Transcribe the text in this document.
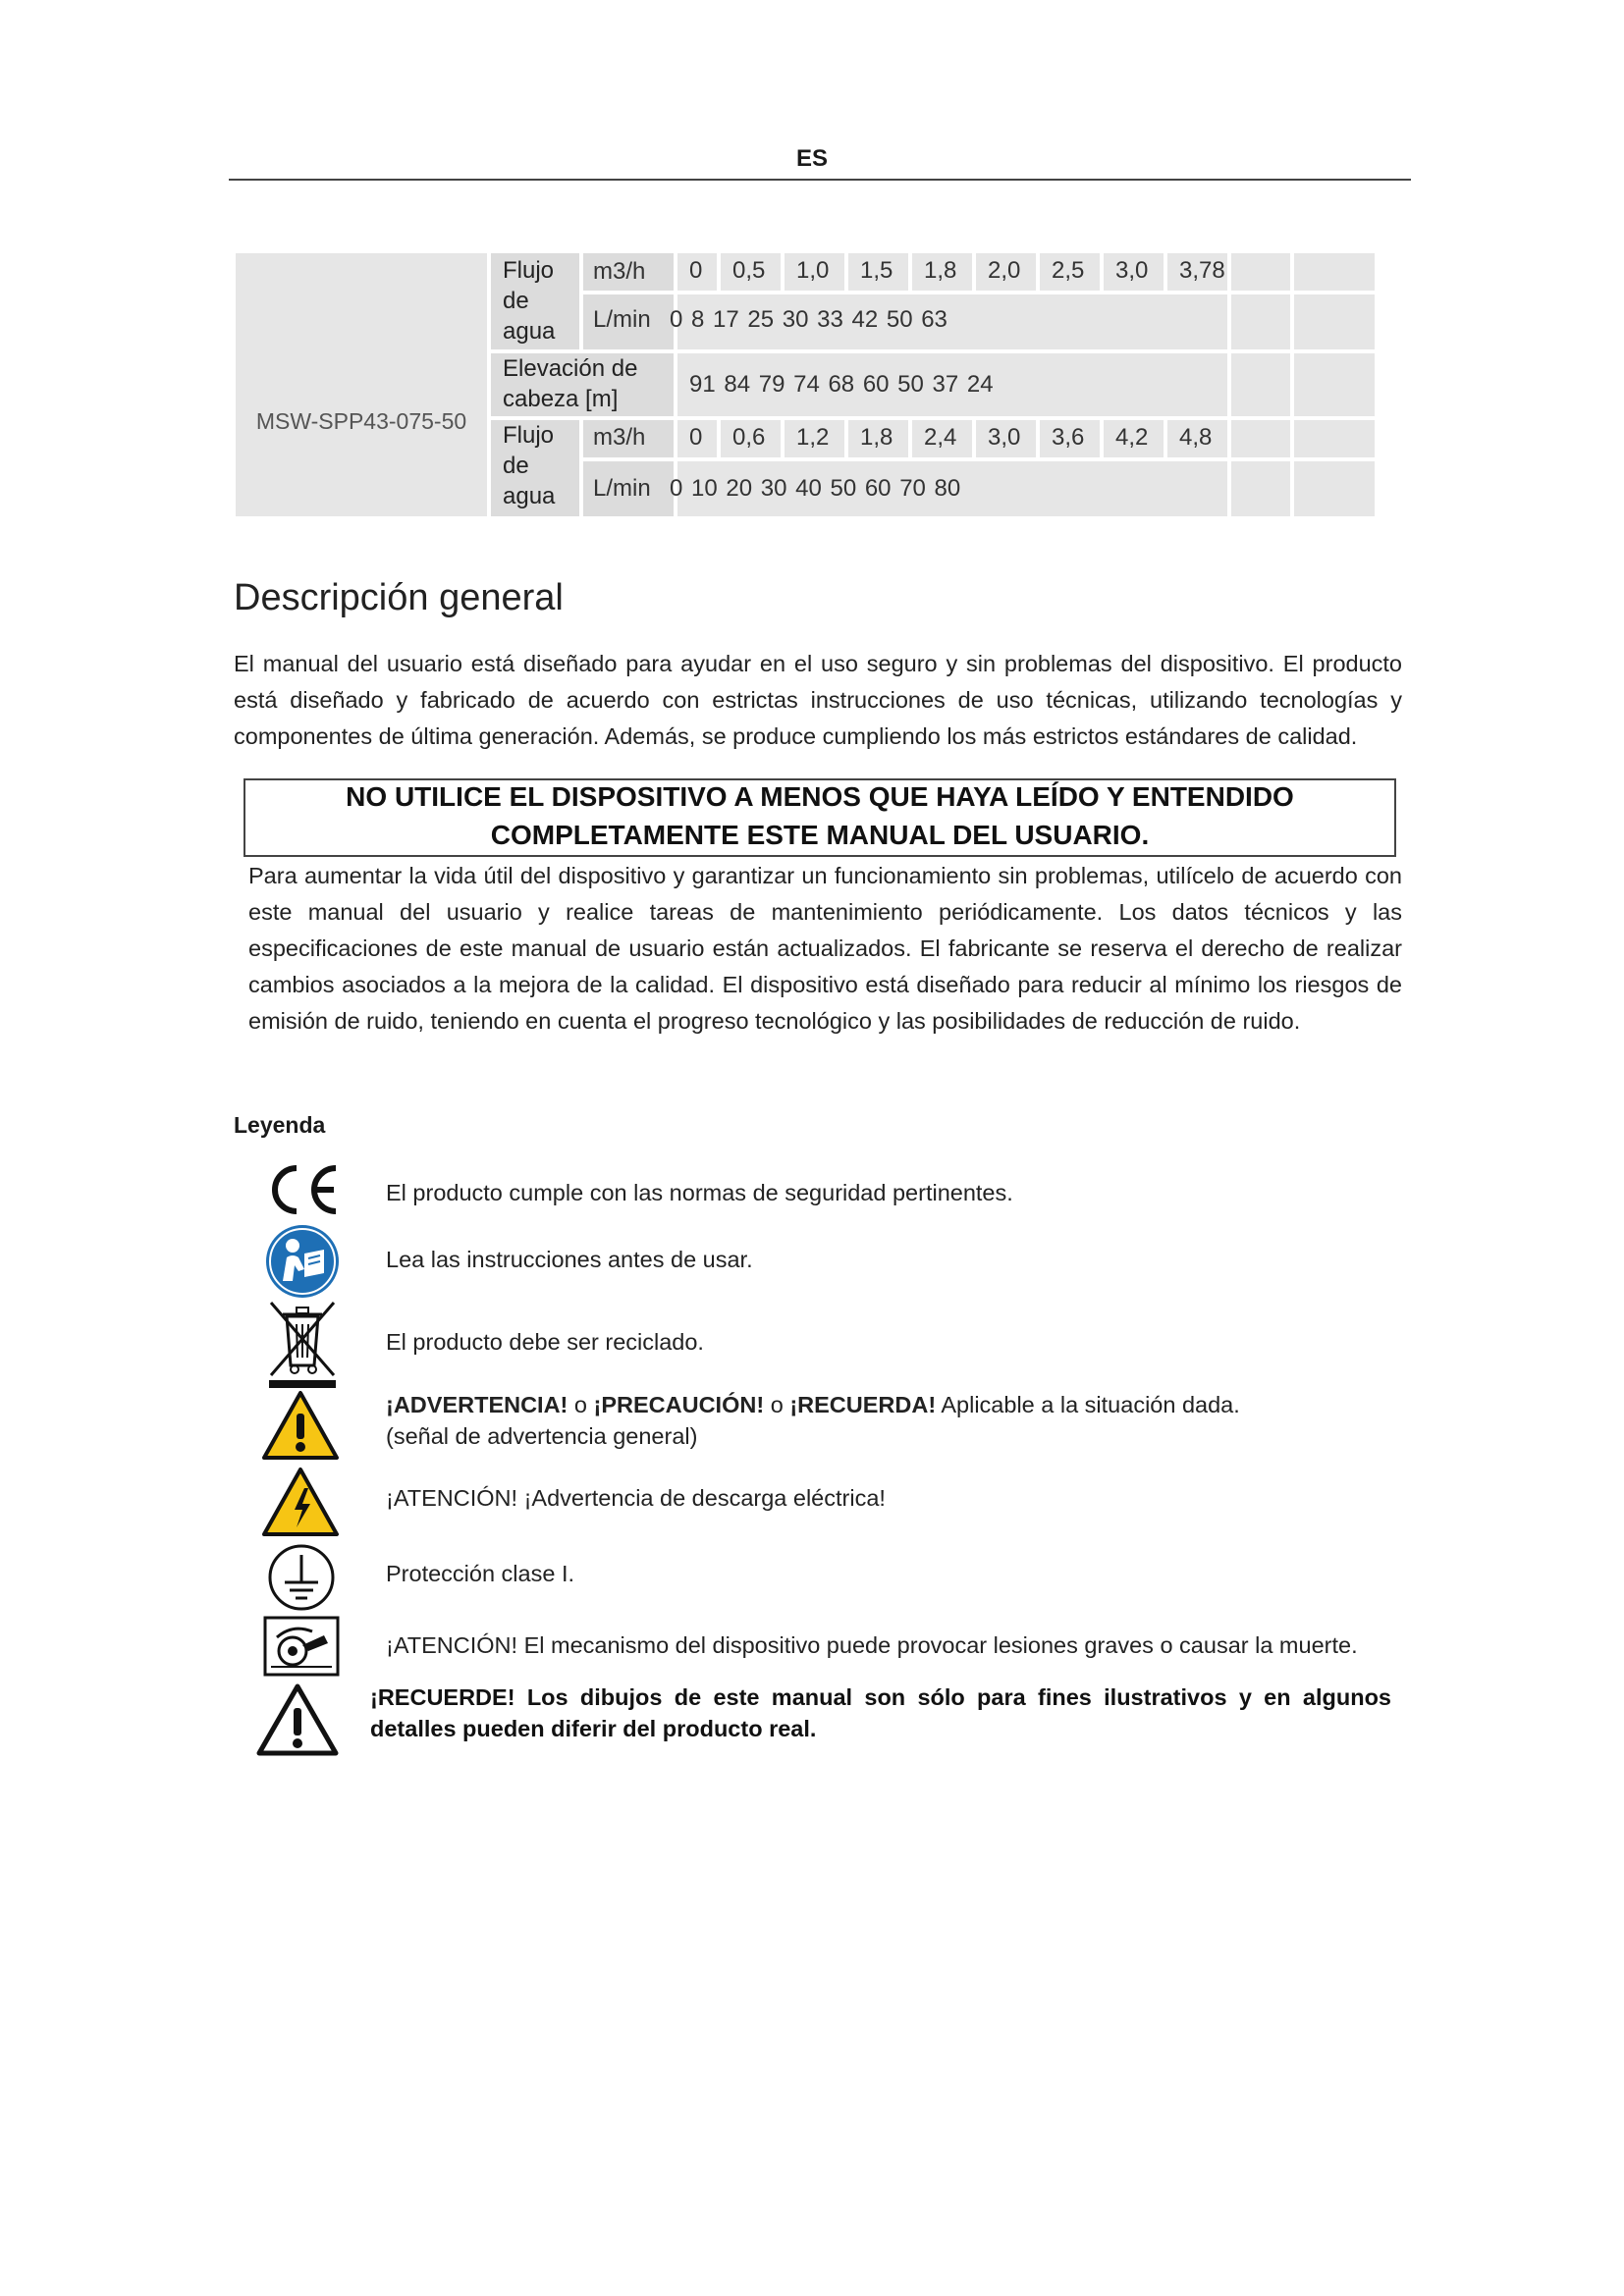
ES
MSW-SPP43-075-50
Flujo de agua
m3/h
L/min 0 8 17 25 30 33 42 50 63
Elevación de cabeza [m]
91 84 79 74 68 60 50 37 24
Flujo de agua
m3/h
L/min 0 10 20 30 40 50 60 70 80
0 0,5 1,0 1,5 1,8 2,0 2,5 3,0 3,78
0 0,6 1,2 1,8 2,4 3,0 3,6 4,2 4,8
Descripción general
El manual del usuario está diseñado para ayudar en el uso seguro y sin problemas del dispositivo. El producto está diseñado y fabricado de acuerdo con estrictas instrucciones de uso técnicas, utilizando tecnologías y componentes de última generación. Además, se produce cumpliendo los más estrictos estándares de calidad.
NO UTILICE EL DISPOSITIVO A MENOS QUE HAYA LEÍDO Y ENTENDIDO
COMPLETAMENTE ESTE MANUAL DEL USUARIO.
Para aumentar la vida útil del dispositivo y garantizar un funcionamiento sin problemas, utilícelo de acuerdo con este manual del usuario y realice tareas de mantenimiento periódicamente. Los datos técnicos y las especificaciones de este manual de usuario están actualizados. El fabricante se reserva el derecho de realizar cambios asociados a la mejora de la calidad. El dispositivo está diseñado para reducir al mínimo los riesgos de emisión de ruido, teniendo en cuenta el progreso tecnológico y las posibilidades de reducción de ruido.
Leyenda
El producto cumple con las normas de seguridad pertinentes.
Lea las instrucciones antes de usar.
El producto debe ser reciclado.
¡ADVERTENCIA! o ¡PRECAUCIÓN! o ¡RECUERDA! Aplicable a la situación dada.
(señal de advertencia general)
¡ATENCIÓN! ¡Advertencia de descarga eléctrica!
Protección clase I.
¡ATENCIÓN! El mecanismo del dispositivo puede provocar lesiones graves o causar la muerte.
¡RECUERDE! Los dibujos de este manual son sólo para fines ilustrativos y en algunos detalles pueden diferir del producto real.
